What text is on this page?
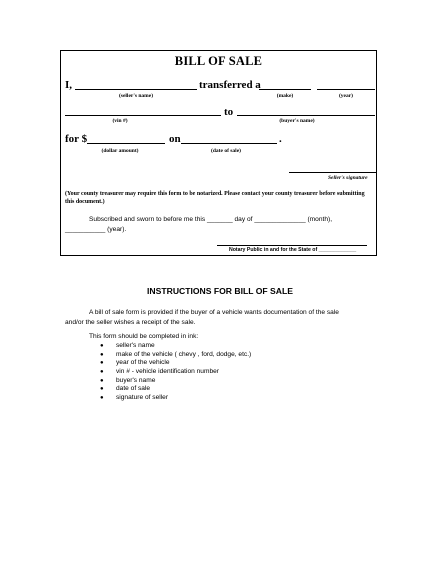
BILL OF SALE
I,	transferred a
(seller's name)	(make)	(year)
to
(vin #)	(buyer's name)
for $	on	.
(dollar amount)	(date of sale)
Seller's signature
(Your county treasurer may require this form to be notarized. Please contact your county treasurer before submitting this document.)
Subscribed and sworn to before me this _______ day of ______________ (month),
___________ (year).
Notary Public in and for the State of _____________
INSTRUCTIONS FOR BILL OF SALE
A bill of sale form is provided if the buyer of a vehicle wants documentation of the sale
and/or the seller wishes a receipt of the sale.
This form should be completed in ink:
● seller's name
● make of the vehicle ( chevy , ford, dodge, etc.)
● year of the vehicle
● vin # - vehicle identification number
● buyer's name
● date of sale
● signature of seller
